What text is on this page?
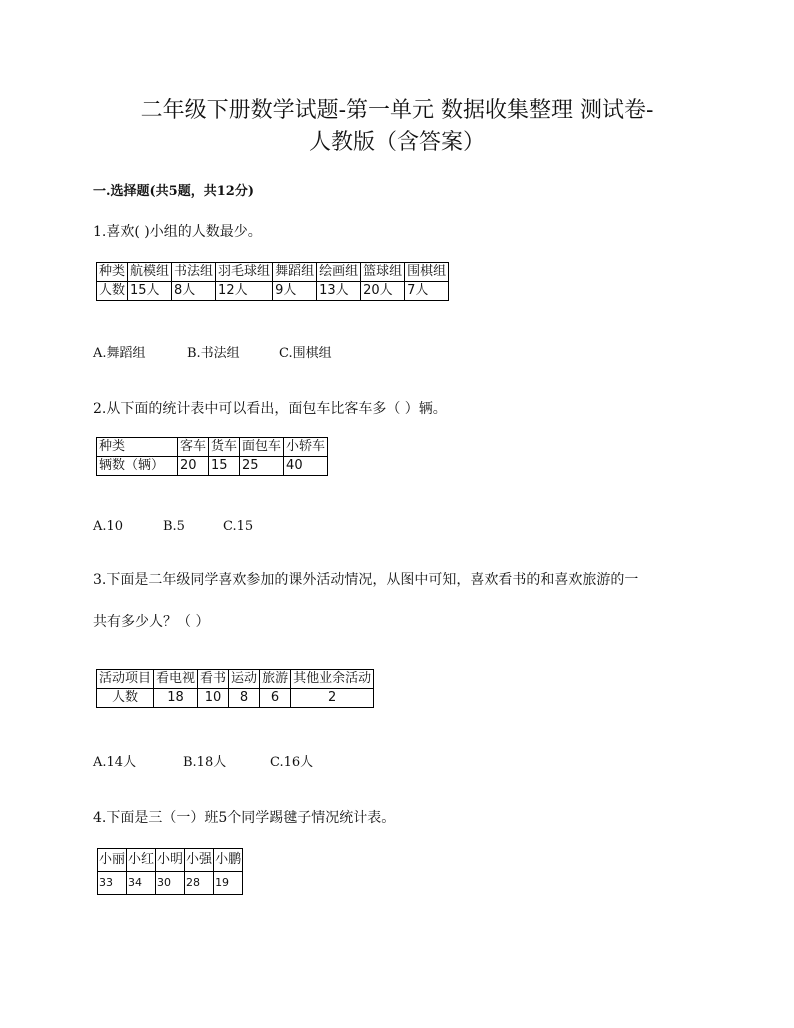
二年级下册数学试题-第一单元 数据收集整理 测试卷-
人教版（含答案）
一.选择题(共5题，共12分)
1.喜欢( )小组的人数最少。
种类	航模组	书法组	羽毛球组	舞蹈组	绘画组	篮球组	围棋组
人数	15人	8人	12人	9人	13人	20人	7人
A.舞蹈组	B.书法组	C.围棋组
2.从下面的统计表中可以看出，面包车比客车多（ ）辆。
种类	客车	货车	面包车	小轿车
辆数（辆）	20	15	25	40
A.10	B.5	C.15
3.下面是二年级同学喜欢参加的课外活动情况，从图中可知，喜欢看书的和喜欢旅游的一
共有多少人？（ ）
活动项目	看电视	看书	运动	旅游	其他业余活动
人数	18	10	8	6	2
A.14人	B.18人	C.16人
4.下面是三（一）班5个同学踢毽子情况统计表。
小丽	小红	小明	小强	小鹏
33	34	30	28	19
